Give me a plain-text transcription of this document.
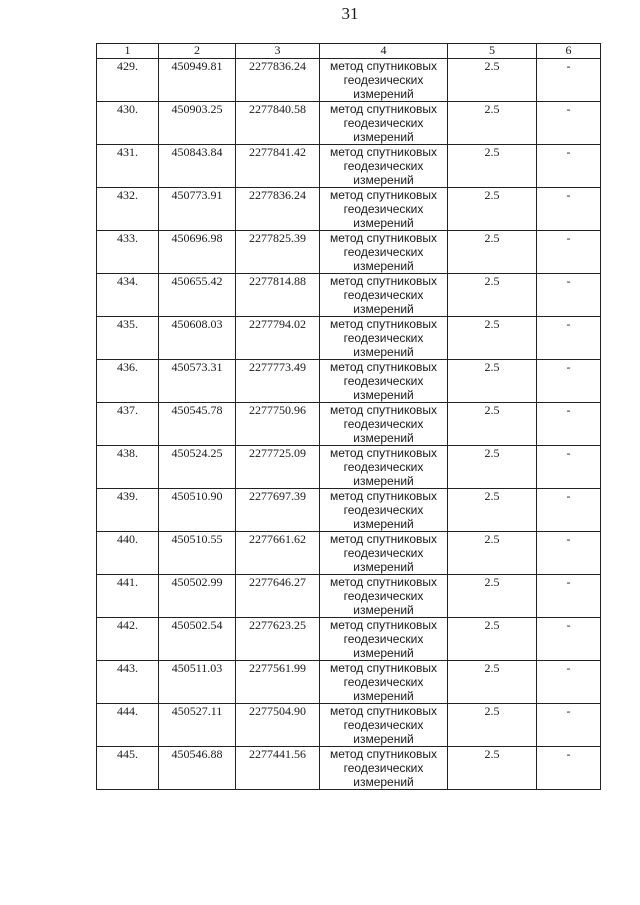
31
1	2	3	4	5	6
429.	450949.81	2277836.24	метод спутниковых
геодезических
измерений	2.5	-
430.	450903.25	2277840.58	метод спутниковых
геодезических
измерений	2.5	-
431.	450843.84	2277841.42	метод спутниковых
геодезических
измерений	2.5	-
432.	450773.91	2277836.24	метод спутниковых
геодезических
измерений	2.5	-
433.	450696.98	2277825.39	метод спутниковых
геодезических
измерений	2.5	-
434.	450655.42	2277814.88	метод спутниковых
геодезических
измерений	2.5	-
435.	450608.03	2277794.02	метод спутниковых
геодезических
измерений	2.5	-
436.	450573.31	2277773.49	метод спутниковых
геодезических
измерений	2.5	-
437.	450545.78	2277750.96	метод спутниковых
геодезических
измерений	2.5	-
438.	450524.25	2277725.09	метод спутниковых
геодезических
измерений	2.5	-
439.	450510.90	2277697.39	метод спутниковых
геодезических
измерений	2.5	-
440.	450510.55	2277661.62	метод спутниковых
геодезических
измерений	2.5	-
441.	450502.99	2277646.27	метод спутниковых
геодезических
измерений	2.5	-
442.	450502.54	2277623.25	метод спутниковых
геодезических
измерений	2.5	-
443.	450511.03	2277561.99	метод спутниковых
геодезических
измерений	2.5	-
444.	450527.11	2277504.90	метод спутниковых
геодезических
измерений	2.5	-
445.	450546.88	2277441.56	метод спутниковых
геодезических
измерений	2.5	-
